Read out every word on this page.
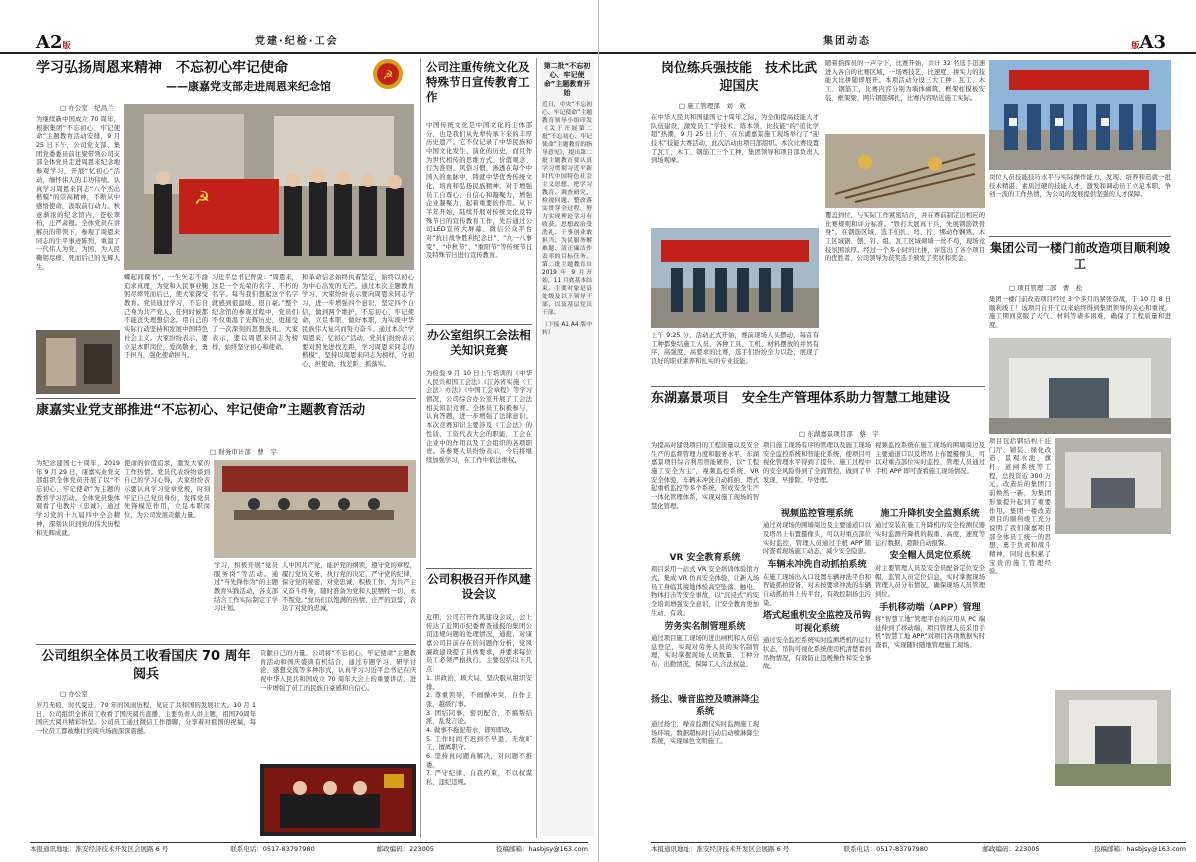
A2版	党建·纪检·工会
学习弘扬周恩来精神　不忘初心牢记使命
——康嘉党支部走进周恩来纪念馆
☭
□ 办公室　纪昌兰
为继续新中国成立 70 周年，根据集团“不忘初心、牢记使命”主题教育活动安排，9 月 25 日下午，公司党支部、集团党委委员前往梁带领公司支部全体党员走进周恩来纪念地参观学习，开展“忆初心”活动，缅怀伟人的丰功伟绩。认真学习周恩来同志“六个杰出楷模”的崇高精神，不断从中感悟使命，汲取前行动力。秋意渐浓的纪念馆内，苍松翠柏，庄严肃穆。全体党员在讲解员的带领下，参观了周恩来同志的生平事迹陈列，重温了一代伟人为党、为国、为人民鞠躬尽瘁、死而后已的光辉人生。
☭
蝶起间谍书”，一生矢志不渝追求真理，为党和人民事业鞠躬尽瘁死而后已，使大家深受教育。党员通过学习，不忘自己身为共产党人，任何时候都不能丧失理想信念。用自己的实际行动坚持和发展中国特色社会主义。大家纷纷表示，要立足本职岗位，爱岗敬业，勇于担当，强化使命担当。
习近平总书记曾说：“周恩来，这是一个光荣的名字、不朽的名字。每当我们想起这个名字就感到很温暖、很自豪。”整个纪念馆的参观过程中，党员们不仅重温了光辉历史，更接受了一次深刻的思想洗礼。大家表示，要以周恩来同志为榜样，始终坚守初心和使命。
和革命信念始终执着坚定，始终以初心为中心出发的光芒。通过本次主题教育学习，大家纷纷表示要向周恩来同志学习，进一步增强四个意识，坚定四个自信，做到两个维护，不忘初心、牢记使命，立足本职、做好本职，为实现中华民族伟大复兴而努力奋斗。通过本次“学周恩来、忆初心”活动，党员们纷纷表示要对照先进找差距，学习周恩来同志的楷模”，坚持以周恩来同志为榜样，守初心、担使命、找差距、抓落实。
康嘉实业党支部推进“不忘初心、牢记使命”主题教育活动
□ 财务审计部　曹　宇
为纪念建国七十周年，2019 年 9 月 29 日，康嘉实业党支部组织全体党员开展了以“不忘初心、牢记使命”为主题的教育学习活动。全体党员集体观看了电教片《忠诚》，通过学习党的十九届四中全会精神，深刻认识到党的伟大历程和光辉成就。
使命的价值追求，激发大家的工作热情。党员代表纷纷谈到自己的学习心得，大家纷纷表示要认真学习党章党规，时刻牢记自己党员身份，发挥党员先锋模范作用，立足本职岗位，为公司发展贡献力量。
学习，积极开展“党员服务岗”等活动。通过“当先锋作为”的主题教育实践活动，各支部结合工作实际制定了学习计划。
人中国共产党，能护党的纲领，遵守党的章程，履行党员义务，执行党的决定，严守党的纪律，保守党的秘密，对党忠诚，积极工作，为共产主义奋斗终身，随时准备为党和人民牺牲一切，永不叛党。”党员们以饱满的热情、庄严的宣誓，表达了对党的忠诚。
公司组织全体员工收看国庆 70 周年阅兵
□ 办公室
岁月无痕，时代变迁，70 年的风雨历程，见证了共和国的发展壮大。10 月 1 日，公司组织全体员工收看了国庆阅兵直播，主要负责人讲主题，祖国70周年国庆大阅兵精彩纷呈。公司员工通过微信工作群聊，分享着对祖国的祝福，每一位员工都被雄壮的阅兵场面深深震撼。
贡献自己的力量。公司将“不忘初心，牢记使命”主题教育活动和国庆盛典有机结合，通过专题学习、研学讨论、感想交流等多种形式，认真学习习近平总书记在庆祝中华人民共和国成立 70 周年大会上的重要讲话，进一步增强了员工的民族自豪感和自信心。
公司注重传统文化及特殊节日宣传教育工作
中国传统文化是中国文化的主体部分，也是我们从先辈传承下来的丰厚历史遗产。它不仅记录了中华民族和中国文化发生、演化的历史，而且作为世代相传的思维方式、价值观念、行为准则、风俗习惯，渗透在每个中国人的血脉中，铸就中华优秀传统文化，培育和弘扬民族精神。对于增强员工自尊心、自信心和凝聚力，增强企业凝聚力，起着重要的作用。从下半年开始，陆续开展对传统文化及特殊节日的宣传教育工作，先后通过公司LED宣传大屏幕、微信公众平台对“抗日战争胜利纪念日”、“九一八事变”、“中秋节”、“重阳节”等传统节日及特殊节日进行宣传教育。
办公室组织工会法相关知识竞赛
为检验 9 月 10 日上午培训的《中华人民共和国工会法》《江苏省实施〈工会法〉办法》《中国工会章程》等学习情况，公司综合办公室开展了工会法相关知识竞赛。全体员工积极参与，认真答题，进一步增强了法律意识。本次竞赛知识主要涉及《工会法》的性质、工资代表大会的职能，工会在企业中的作用以及工会组织的各项职责。各参赛人员纷纷表示，今后将继续加强学习，在工作中依法维权。
公司积极召开作风建设会议
近期，公司召开作风建设会议，会上传达了近期市纪委曹查通报的集团公司违规问题的处理情况，通报，对康嘉公司目前存在的问题作分析，党风廉政建设提了具体要求，并要求每位员工必须严格执行。主要包括以下几点：
1. 讲政治，顾大局，坚决服从组织安排。
2. 尊重领导，不闹操冲突，自作主张，越级行事。
3. 团结同事，密切配合，不搞帮结派、乱发言论。
4. 做事不拖泥带水，即知即改。
5. 工作时间不迟到不早退、无故旷工、擅离职守。
6. 坚持真问题真解决，对问题不推诿。
7. 严守纪律、自我约束，不以权谋私、违纪违规。
第二批“不忘初心、牢记使命”主题教育开始
近日，中央“不忘初心、牢记使命”主题教育领导小组印发《关于开展第二批“不忘初心、牢记使命”主题教育的指导意见》，提出第二批主题教育要认真学习贯彻习近平新时代中国特色社会主义思想，把学习教育、调查研究、检视问题、整改落实贯穿全过程，努力实现理论学习有收获、思想政治受洗礼、干事创业敢担当、为民服务解难题、清正廉洁作表率的目标任务。第二批主题教育自 2019 年 9 月开始，11 月底基本结束。主要对象是县处级及以下领导干部，以及基层党员干部。
（下接 A1 A4 版中转）
本报通讯地址：淮安经济技术开发区会展路 6 号	联系电话：0517-83797980	邮政编码：223005	投稿邮箱：hasbjsy@163.com
集团动态	版A3
岗位练兵强技能　技术比武迎国庆
□ 施工管理部　刘　欢
在中华人民共和国建国七十周年之际，为全面提高技能人才队伍建设，激发员工“学技术、练本领、比技能”的“追比学超”热潮，9 月 25 日上午，在东湖嘉景施工现场举行了“迎技术”技能大赛活动，此次活动由项目部组织。本次比赛设置了瓦工、木工、钢筋工三个工种，集团领导和项目部负责人到场观摩。
上午 9:25 分，活动正式开始，赛前现场人头攒动，每首有工种都集结施工人员，各种工具、工机、材料摆放的井然有序，高强度、高要求的比赛，选手们纷纷全力以赴，展现了良好的职业素养和扎实的专业技能。
随着指挥员的一声令下，比赛开始，共计 32 名选手迅速进入各自的比赛区域，一场赛技艺、比速度、拼实力的技能大比拼随即展开。本项活动分设三大工种：瓦工、木工、钢筋工，比赛内容分别为墙体砌筑、框架柱模板安装、框架梁、网片钢筋绑扎，比赛内容贴近施工实际。
覆盖到位，与实际工作紧密结合，并在赛前制定出相应的比赛规则和评分标准。“铁打大展真干兵，先展钢筋铁骨身”。在钢筋区域，选手们扎、弯、拧、绑动作娴熟，木工区域锯、刨、钉、组，瓦工区域砌墙一丝不苟，现场竞技氛围浓厚。经过一个多小时的比拼，评选出了各个项目的优胜者，公司领导为获奖选手颁发了奖状和奖金。
岗位人员技能技巧水平与实际操作能力，发现、培养和造就一批技术精湛、素质过硬的技能人才，激发和调动员工立足本职、争创一流的工作热情，为公司的发展提供坚强的人才保障。
集团公司一楼门前改造项目顺利竣工
□ 项目管理二部　曹　松
集团一楼门前改造项目经过 3 个多月的紧张奋战，于 10 月 8 日顺利竣工！该项目自开工以来始终得到集团领导的关心和重视，施工期间克服了天气、材料等诸多困难，确保了工程质量和进度。
项目包括钢结构干挂门厅、铺装、绿化改造、景观水池、旗杆、道闸系统等工程，总投资近 300 万元。改造后的集团门前焕然一新，为集团形象提升起到了重要作用。集团一楼改造项目的顺利竣工充分说明了我们康嘉项目部全体员工统一的思想、勇于负责和战斗精神，同时也积累了宝贵的施工管理经验。
东湖嘉景项目　安全生产管理体系助力智慧工地建设
□ 东湖嘉景项目部　蔡　宇
为提高对建设项目的工程质量以及安全生产的监督管理力度和服务水平，东湖嘉景项目综合利用智能硬件，以“工程施工安全为主”，视频监控系统、VR 安全体验、车辆未冲洗自动抓拍、塔式起重机监控等多个系统，形成安全生产一体化管理体系，实现对施工现场的智慧化管理。
项目施工现场有序的管理以及施工现场安全监控系统和智能化系统，使项目可视化管理水平得到了提升，施工过程中的安全风险得到了全面管控，做到了早发现、早排除、早处理。
视频监控系统在施工现场的围墙周边及主要通道口以及塔吊上布置摄像头，可以对重点部位实时监控，管理人员通过手机 APP 即可查看施工现场情况。
VR 安全教育系统
项目采用一站式 VR 安全培训体验馆方式，集成 VR 仿真安全体验，让新入场员工身临其境地体验高空坠落、触电、物体打击等安全事故，以“沉浸式”的安全培训增强安全意识，让安全教育更加生动、有效。
劳务实名制管理系统
通过项目施工现场的进出闸机和人员信息登记，实现对劳务人员的实名制管理，实时掌握现场人员数量、工种分布、出勤情况，保障工人合法权益。
扬尘、噪音监控及喷淋降尘系统
通过扬尘、噪音监测仪实时监测施工现场环境，数据超标时自动启动喷淋降尘系统，实现绿色文明施工。
视频监控管理系统
通过对现场的围墙周边及主要通道口以及塔吊上布置摄像头，可以对重点部位实时监控，管理人员通过手机 APP 随时查看现场施工动态，减少安全隐患。
车辆未冲洗自动抓拍系统
在施工现场出入口设置车辆冲洗平台和智能抓拍设备，对未按要求冲洗的车辆自动抓拍并上传平台，有效控制扬尘污染。
塔式起重机安全监控及吊钩可视化系统
通过安全监控系统实时监测塔机的运行状态，吊钩可视化系统使司机清楚看到吊物情况，有效防止违规操作和安全事故。
施工升降机安全监测系统
通过安装在施工升降机的安全检测仪器实时监测升降机的载重、高度、速度等运行数据，超限自动报警。
安全帽人员定位系统
对主要管理人员及安全员配备定位安全帽，监管人员定位信息，实时掌握现场管理人员分布情况，确保现场人员管理到位。
手机移动端（APP）管理
将“智慧工地”管理平台的应用从 PC 端延伸到了移动端，项目管理人员采用手机“智慧工地 APP”对项目各项数据实时查看，实现随时随地管理施工现场。
本报通讯地址：淮安经济技术开发区会展路 6 号	联系电话：0517-83797980	邮政编码：223005	投稿邮箱：hasbjsy@163.com
